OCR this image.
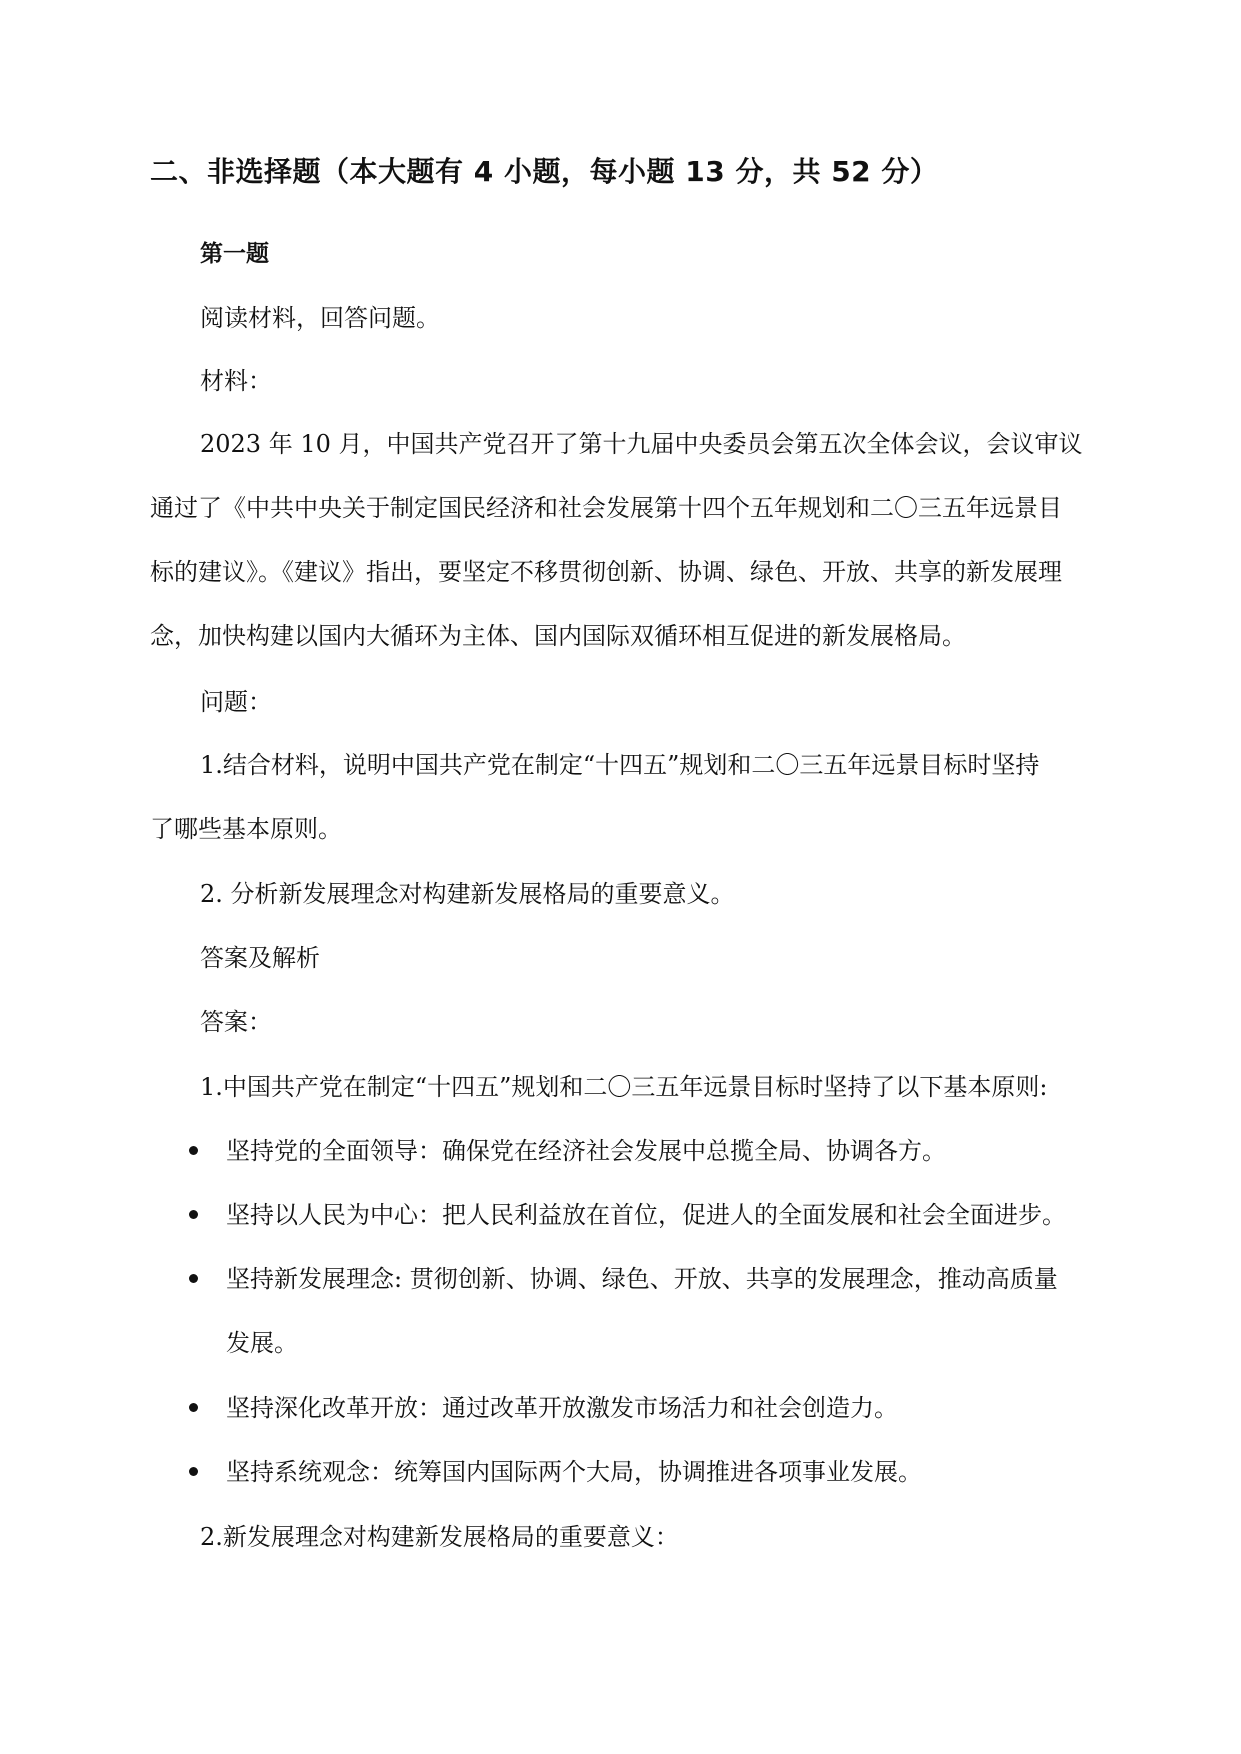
二、非选择题（本大题有 4 小题，每小题 13 分，共 52 分）
第一题

阅读材料，回答问题。

材料：

2023 年 10 月，中国共产党召开了第十九届中央委员会第五次全体会议，会议审议

通过了《中共中央关于制定国民经济和社会发展第十四个五年规划和二〇三五年远景目

标的建议》。《建议》指出，要坚定不移贯彻创新、协调、绿色、开放、共享的新发展理

念，加快构建以国内大循环为主体、国内国际双循环相互促进的新发展格局。

问题：

1.结合材料，说明中国共产党在制定“十四五”规划和二〇三五年远景目标时坚持

了哪些基本原则。

2. 分析新发展理念对构建新发展格局的重要意义。

答案及解析

答案：

1.中国共产党在制定“十四五”规划和二〇三五年远景目标时坚持了以下基本原则:

坚持党的全面领导：确保党在经济社会发展中总揽全局、协调各方。

坚持以人民为中心：把人民利益放在首位，促进人的全面发展和社会全面进步。

坚持新发展理念: 贯彻创新、协调、绿色、开放、共享的发展理念，推动高质量

发展。

坚持深化改革开放：通过改革开放激发市场活力和社会创造力。

坚持系统观念：统筹国内国际两个大局，协调推进各项事业发展。

2.新发展理念对构建新发展格局的重要意义：
